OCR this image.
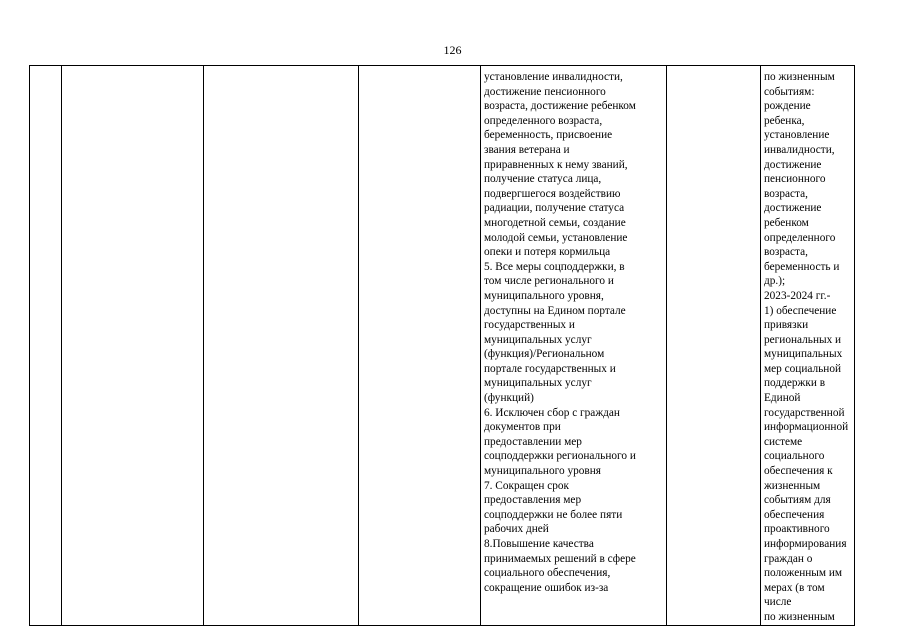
126

установление инвалидности,
достижение пенсионного
возраста, достижение ребенком
определенного возраста,
беременность, присвоение
звания ветерана и
приравненных к нему званий,
получение статуса лица,
подвергшегося воздействию
радиации, получение статуса
многодетной семьи, создание
молодой семьи, установление
опеки и потеря кормильца
5. Все меры соцподдержки, в
том числе регионального и
муниципального уровня,
доступны на Едином портале
государственных и
муниципальных услуг
(функция)/Региональном
портале государственных и
муниципальных услуг
(функций)
6. Исключен сбор с граждан
документов при
предоставлении мер
соцподдержки регионального и
муниципального уровня
7. Сокращен срок
предоставления мер
соцподдержки не более пяти
рабочих дней
8.Повышение качества
принимаемых решений в сфере
социального обеспечения,
сокращение ошибок из-за

по жизненным
событиям:
рождение ребенка,
установление
инвалидности,
достижение
пенсионного
возраста,
достижение
ребенком
определенного
возраста,
беременность и
др.);
2023-2024 гг.-
1) обеспечение
привязки
региональных и
муниципальных
мер социальной
поддержки в
Единой
государственной
информационной
системе
социального
обеспечения к
жизненным
событиям для
обеспечения
проактивного
информирования
граждан о
положенным им
мерах (в том числе
по жизненным
